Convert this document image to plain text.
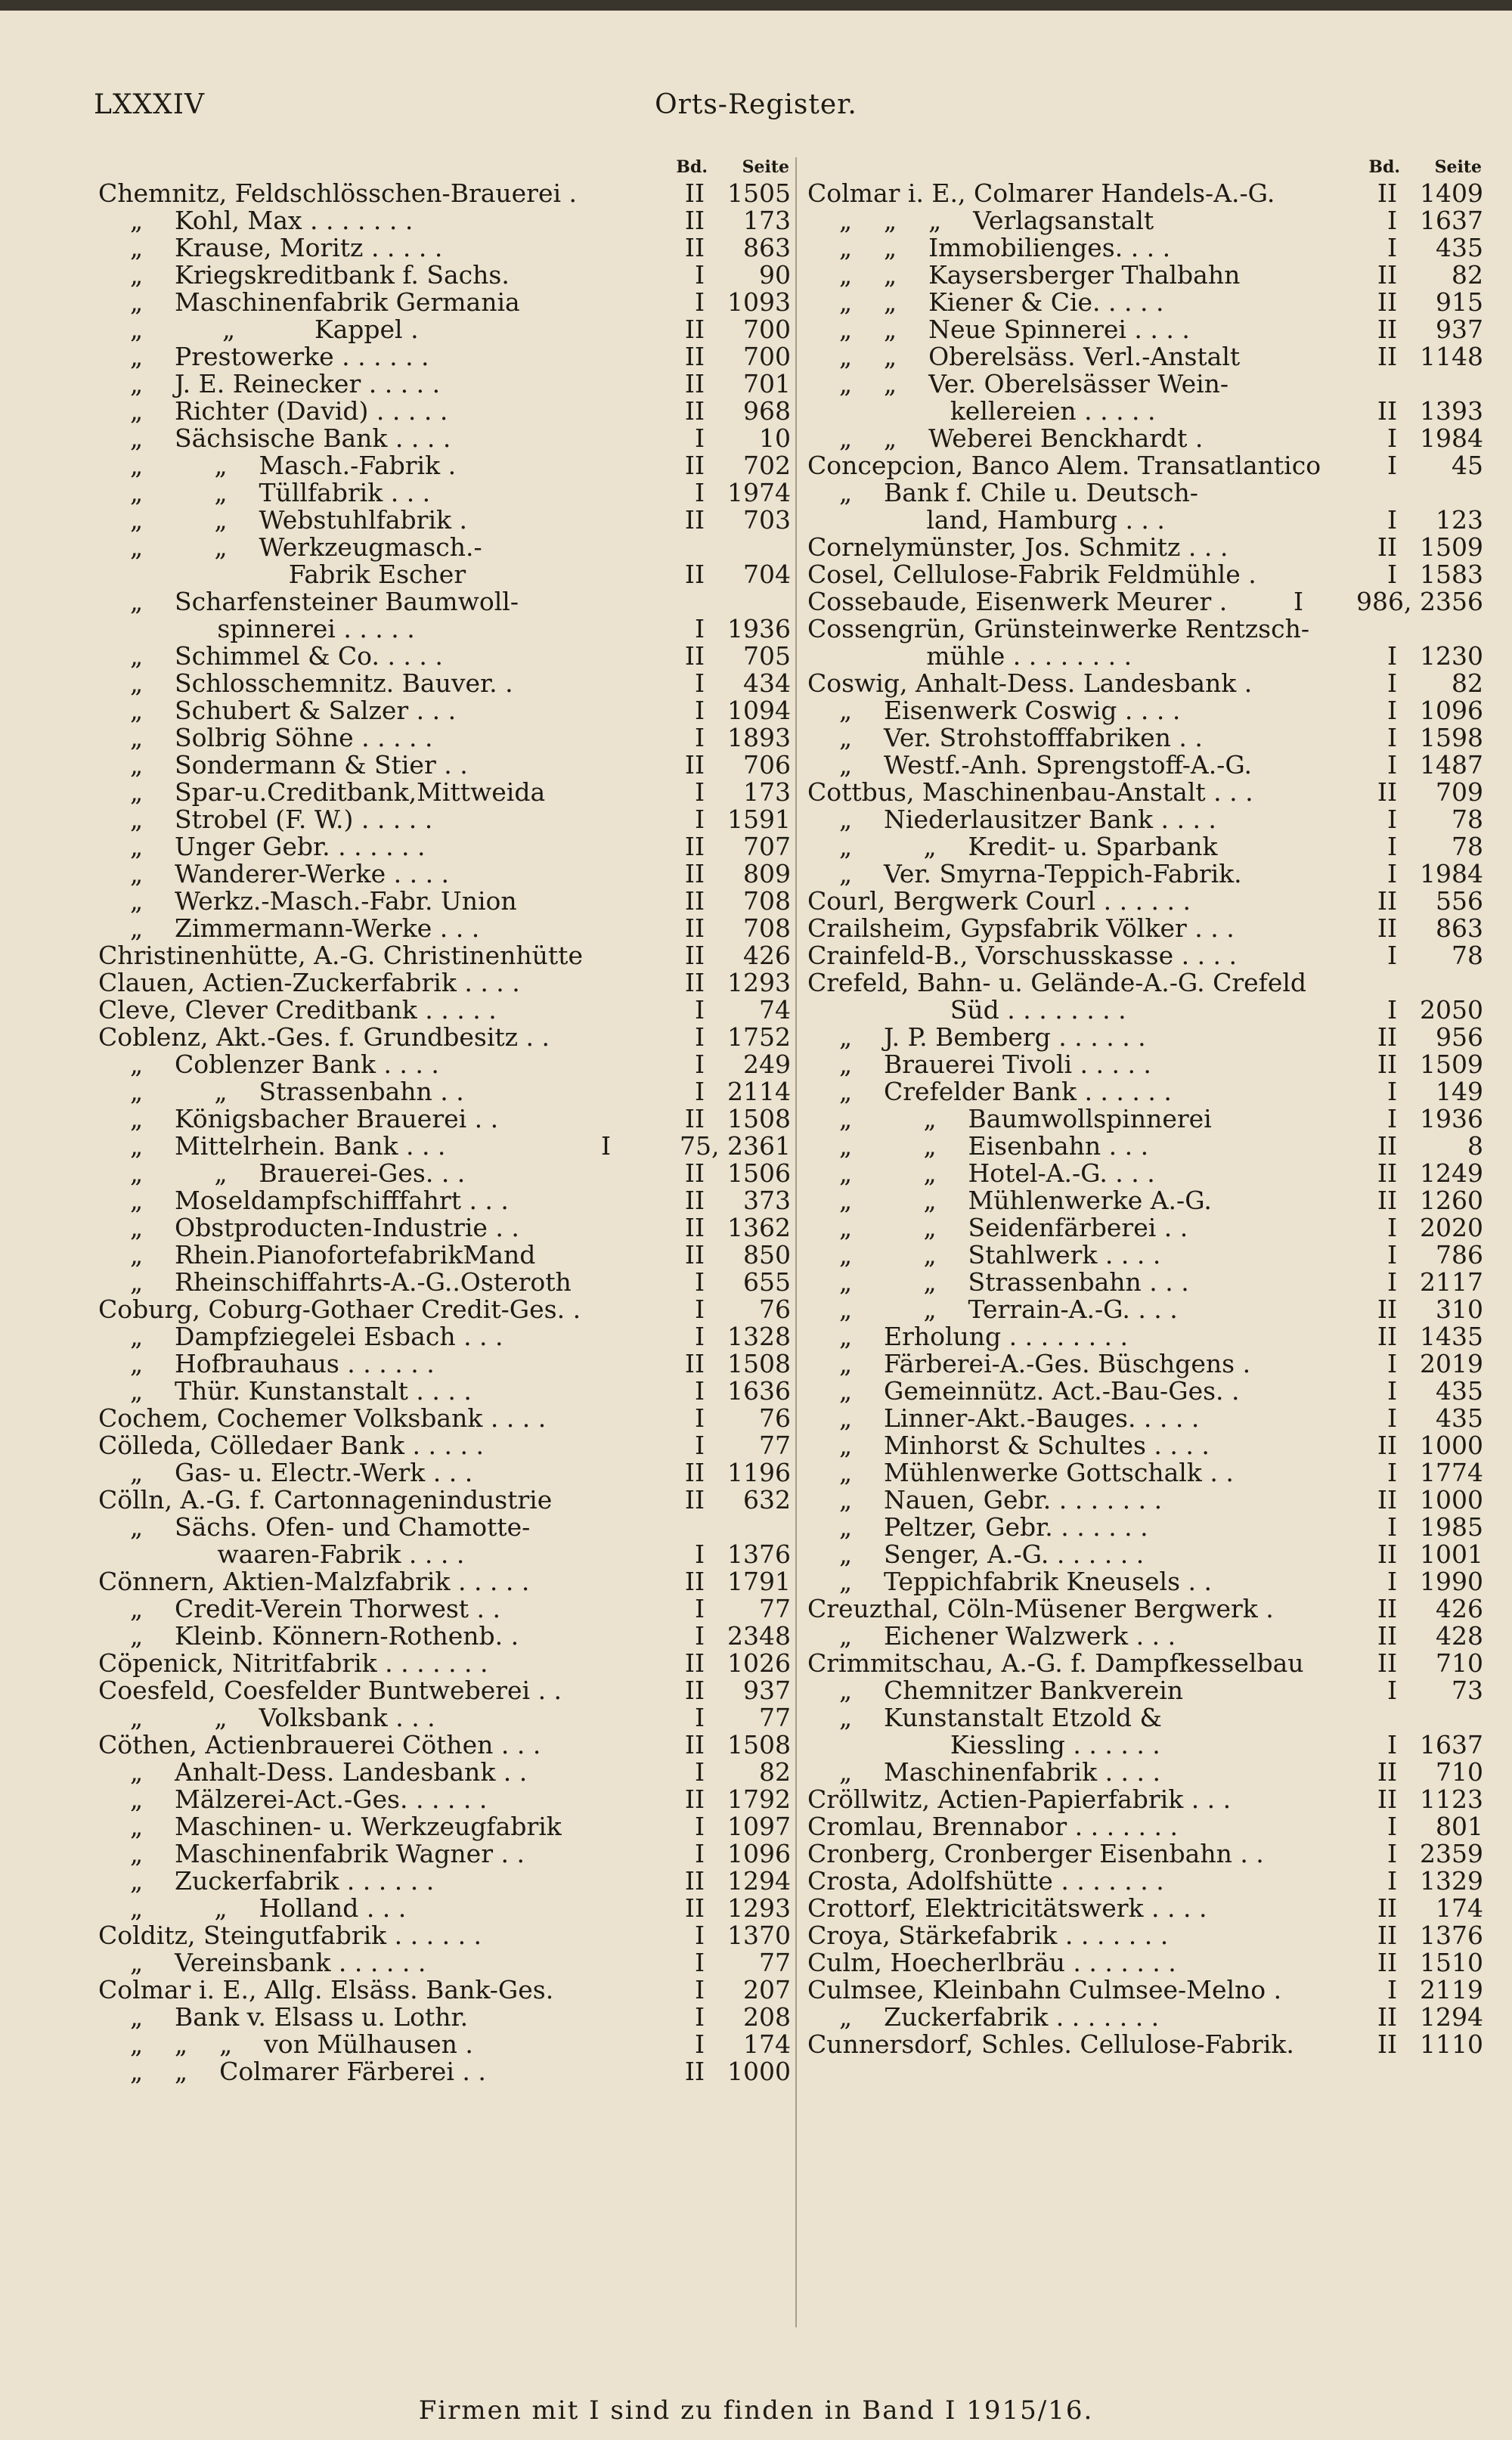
LXXXIV	Orts-Register.
Bd. Seite
Chemnitz, Feldschlösschen-Brauerei .	II 1505
„    Kohl, Max . . . . . . .	II	173
„    Krause, Moritz . . . . .	II	863
„    Kriegskreditbank f. Sachs.	I	90
„    Maschinenfabrik Germania	I 1093
„          „          Kappel .	II	700
„    Prestowerke . . . . . .	II	700
„    J. E. Reinecker . . . . .	II	701
„    Richter (David) . . . . .	II	968
„    Sächsische Bank . . . .	I	10
„         „    Masch.-Fabrik .	II	702
„         „    Tüllfabrik . . .	I 1974
„         „    Webstuhlfabrik .	II	703
„         „    Werkzeugmasch.-
Fabrik Escher	II	704
„    Scharfensteiner Baumwoll-
spinnerei . . . . .	I 1936
„    Schimmel & Co. . . . .	II	705
„    Schlosschemnitz. Bauver. .	I	434
„    Schubert & Salzer . . .	I 1094
„    Solbrig Söhne . . . . .	I 1893
„    Sondermann & Stier . .	II	706
„    Spar-u.Creditbank,Mittweida	I	173
„    Strobel (F. W.) . . . . .	I 1591
„    Unger Gebr. . . . . . .	II	707
„    Wanderer-Werke . . . .	II	809
„    Werkz.-Masch.-Fabr. Union	II	708
„    Zimmermann-Werke . . .	II	708
Christinenhütte, A.-G. Christinenhütte	II	426
Clauen, Actien-Zuckerfabrik . . . .	II 1293
Cleve, Clever Creditbank . . . . .	I	74
Coblenz, Akt.-Ges. f. Grundbesitz . .	I 1752
„    Coblenzer Bank . . . .	I	249
„         „    Strassenbahn . .	I 2114
„    Königsbacher Brauerei . .	II 1508
„    Mittelrhein. Bank . . .	I	75, 2361
„         „    Brauerei-Ges. . .	II 1506
„    Moseldampfschifffahrt . . .	II	373
„    Obstproducten-Industrie . .	II 1362
„    Rhein.PianofortefabrikMand	II	850
„    Rheinschiffahrts-A.-G..Osteroth	I	655
Coburg, Coburg-Gothaer Credit-Ges. .	I	76
„    Dampfziegelei Esbach . . .	I 1328
„    Hofbrauhaus . . . . . .	II 1508
„    Thür. Kunstanstalt . . . .	I 1636
Cochem, Cochemer Volksbank . . . .	I	76
Cölleda, Cölledaer Bank . . . . .	I	77
„    Gas- u. Electr.-Werk . . .	II 1196
Cölln, A.-G. f. Cartonnagenindustrie	II	632
„    Sächs. Ofen- und Chamotte-
waaren-Fabrik . . . .	I 1376
Cönnern, Aktien-Malzfabrik . . . . .	II 1791
„    Credit-Verein Thorwest . .	I	77
„    Kleinb. Könnern-Rothenb. .	I 2348
Cöpenick, Nitritfabrik . . . . . . .	II 1026
Coesfeld, Coesfelder Buntweberei . .	II	937
„         „    Volksbank . . .	I	77
Cöthen, Actienbrauerei Cöthen . . .	II 1508
„    Anhalt-Dess. Landesbank . .	I	82
„    Mälzerei-Act.-Ges. . . . . .	II 1792
„    Maschinen- u. Werkzeugfabrik	I 1097
„    Maschinenfabrik Wagner . .	I 1096
„    Zuckerfabrik . . . . . .	II 1294
„         „    Holland . . .	II 1293
Colditz, Steingutfabrik . . . . . .	I 1370
„    Vereinsbank . . . . . .	I	77
Colmar i. E., Allg. Elsäss. Bank-Ges.	I	207
„    Bank v. Elsass u. Lothr.	I	208
„    „    „    von Mülhausen .	I	174
„    „    Colmarer Färberei . .	II 1000
Bd. Seite
Colmar i. E., Colmarer Handels-A.-G.	II 1409
„    „    „    Verlagsanstalt	I 1637
„    „    Immobilienges. . . .	I	435
„    „    Kaysersberger Thalbahn	II	82
„    „    Kiener & Cie. . . . .	II	915
„    „    Neue Spinnerei . . . .	II	937
„    „    Oberelsäss. Verl.-Anstalt	II 1148
„    „    Ver. Oberelsässer Wein-
kellereien . . . . .	II 1393
„    „    Weberei Benckhardt .	I 1984
Concepcion, Banco Alem. Transatlantico	I	45
„    Bank f. Chile u. Deutsch-
land, Hamburg . . .	I	123
Cornelymünster, Jos. Schmitz . . .	II 1509
Cosel, Cellulose-Fabrik Feldmühle .	I 1583
Cossebaude, Eisenwerk Meurer .	I	986, 2356
Cossengrün, Grünsteinwerke Rentzsch-
mühle . . . . . . . .	I 1230
Coswig, Anhalt-Dess. Landesbank .	I	82
„    Eisenwerk Coswig . . . .	I 1096
„    Ver. Strohstofffabriken . .	I 1598
„    Westf.-Anh. Sprengstoff-A.-G.	I 1487
Cottbus, Maschinenbau-Anstalt . . .	II	709
„    Niederlausitzer Bank . . . .	I	78
„         „    Kredit- u. Sparbank	I	78
„    Ver. Smyrna-Teppich-Fabrik.	I 1984
Courl, Bergwerk Courl . . . . . .	II	556
Crailsheim, Gypsfabrik Völker . . .	II	863
Crainfeld-B., Vorschusskasse . . . .	I	78
Crefeld, Bahn- u. Gelände-A.-G. Crefeld
Süd . . . . . . . .	I 2050
„    J. P. Bemberg . . . . . .	II	956
„    Brauerei Tivoli . . . . .	II 1509
„    Crefelder Bank . . . . . .	I	149
„         „    Baumwollspinnerei	I 1936
„         „    Eisenbahn . . .	II	8
„         „    Hotel-A.-G. . . .	II 1249
„         „    Mühlenwerke A.-G.	II 1260
„         „    Seidenfärberei . .	I 2020
„         „    Stahlwerk . . . .	I	786
„         „    Strassenbahn . . .	I 2117
„         „    Terrain-A.-G. . . .	II	310
„    Erholung . . . . . . . .	II 1435
„    Färberei-A.-Ges. Büschgens .	I 2019
„    Gemeinnütz. Act.-Bau-Ges. .	I	435
„    Linner-Akt.-Bauges. . . . .	I	435
„    Minhorst & Schultes . . . .	II 1000
„    Mühlenwerke Gottschalk . .	I 1774
„    Nauen, Gebr. . . . . . . .	II 1000
„    Peltzer, Gebr. . . . . . .	I 1985
„    Senger, A.-G. . . . . . .	II 1001
„    Teppichfabrik Kneusels . .	I 1990
Creuzthal, Cöln-Müsener Bergwerk .	II	426
„    Eichener Walzwerk . . .	II	428
Crimmitschau, A.-G. f. Dampfkesselbau	II	710
„    Chemnitzer Bankverein	I	73
„    Kunstanstalt Etzold &
Kiessling . . . . . .	I 1637
„    Maschinenfabrik . . . .	II	710
Cröllwitz, Actien-Papierfabrik . . .	II 1123
Cromlau, Brennabor . . . . . . .	I	801
Cronberg, Cronberger Eisenbahn . .	I 2359
Crosta, Adolfshütte . . . . . . .	I 1329
Crottorf, Elektricitätswerk . . . .	II	174
Croya, Stärkefabrik . . . . . . .	II 1376
Culm, Hoecherlbräu . . . . . . .	II 1510
Culmsee, Kleinbahn Culmsee-Melno .	I 2119
„    Zuckerfabrik . . . . . . .	II 1294
Cunnersdorf, Schles. Cellulose-Fabrik.	II 1110
Firmen mit I sind zu finden in Band I 1915/16.
